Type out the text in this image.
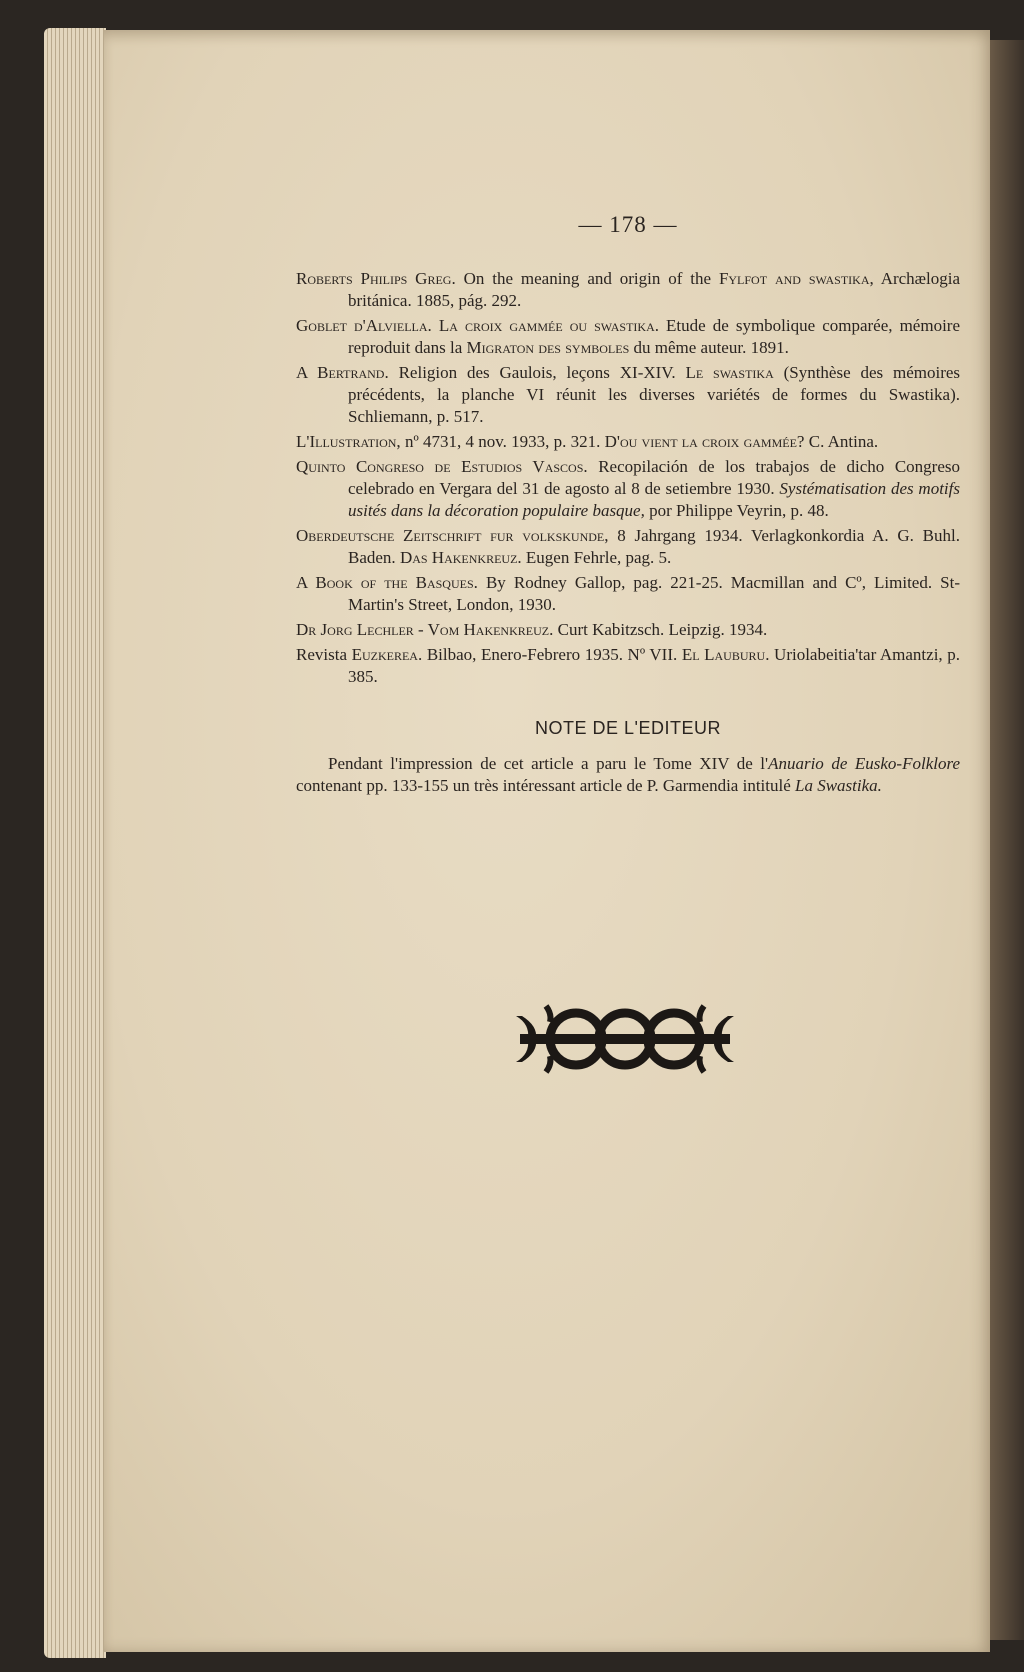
— 178 —

Roberts Philips Greg. On the meaning and origin of the Fylfot and swastika, Archælogia británica. 1885, pág. 292.

Goblet d'Alviella. La croix gammée ou swastika. Etude de symbolique comparée, mémoire reproduit dans la Migraton des symboles du même auteur. 1891.

A Bertrand. Religion des Gaulois, leçons XI-XIV. Le swastika (Synthèse des mémoires précédents, la planche VI réunit les diverses variétés de formes du Swastika). Schliemann, p. 517.

L'Illustration, nº 4731, 4 nov. 1933, p. 321. D'ou vient la croix gammée? C. Antina.

Quinto Congreso de Estudios Vascos. Recopilación de los trabajos de dicho Congreso celebrado en Vergara del 31 de agosto al 8 de setiembre 1930. Systématisation des motifs usités dans la décoration populaire basque, por Philippe Veyrin, p. 48.

Oberdeutsche Zeitschrift fur volkskunde, 8 Jahrgang 1934. Verlagkonkordia A. G. Buhl. Baden. Das Hakenkreuz. Eugen Fehrle, pag. 5.

A Book of the Basques. By Rodney Gallop, pag. 221-25. Macmillan and Cº, Limited. St-Martin's Street, London, 1930.

Dr Jorg Lechler - Vom Hakenkreuz. Curt Kabitzsch. Leipzig. 1934.

Revista Euzkerea. Bilbao, Enero-Febrero 1935. Nº VII. El Lauburu. Uriolabeitia'tar Amantzi, p. 385.

NOTE DE L'EDITEUR

Pendant l'impression de cet article a paru le Tome XIV de l'Anuario de Eusko-Folklore contenant pp. 133-155 un très intéressant article de P. Garmendia intitulé La Swastika.
